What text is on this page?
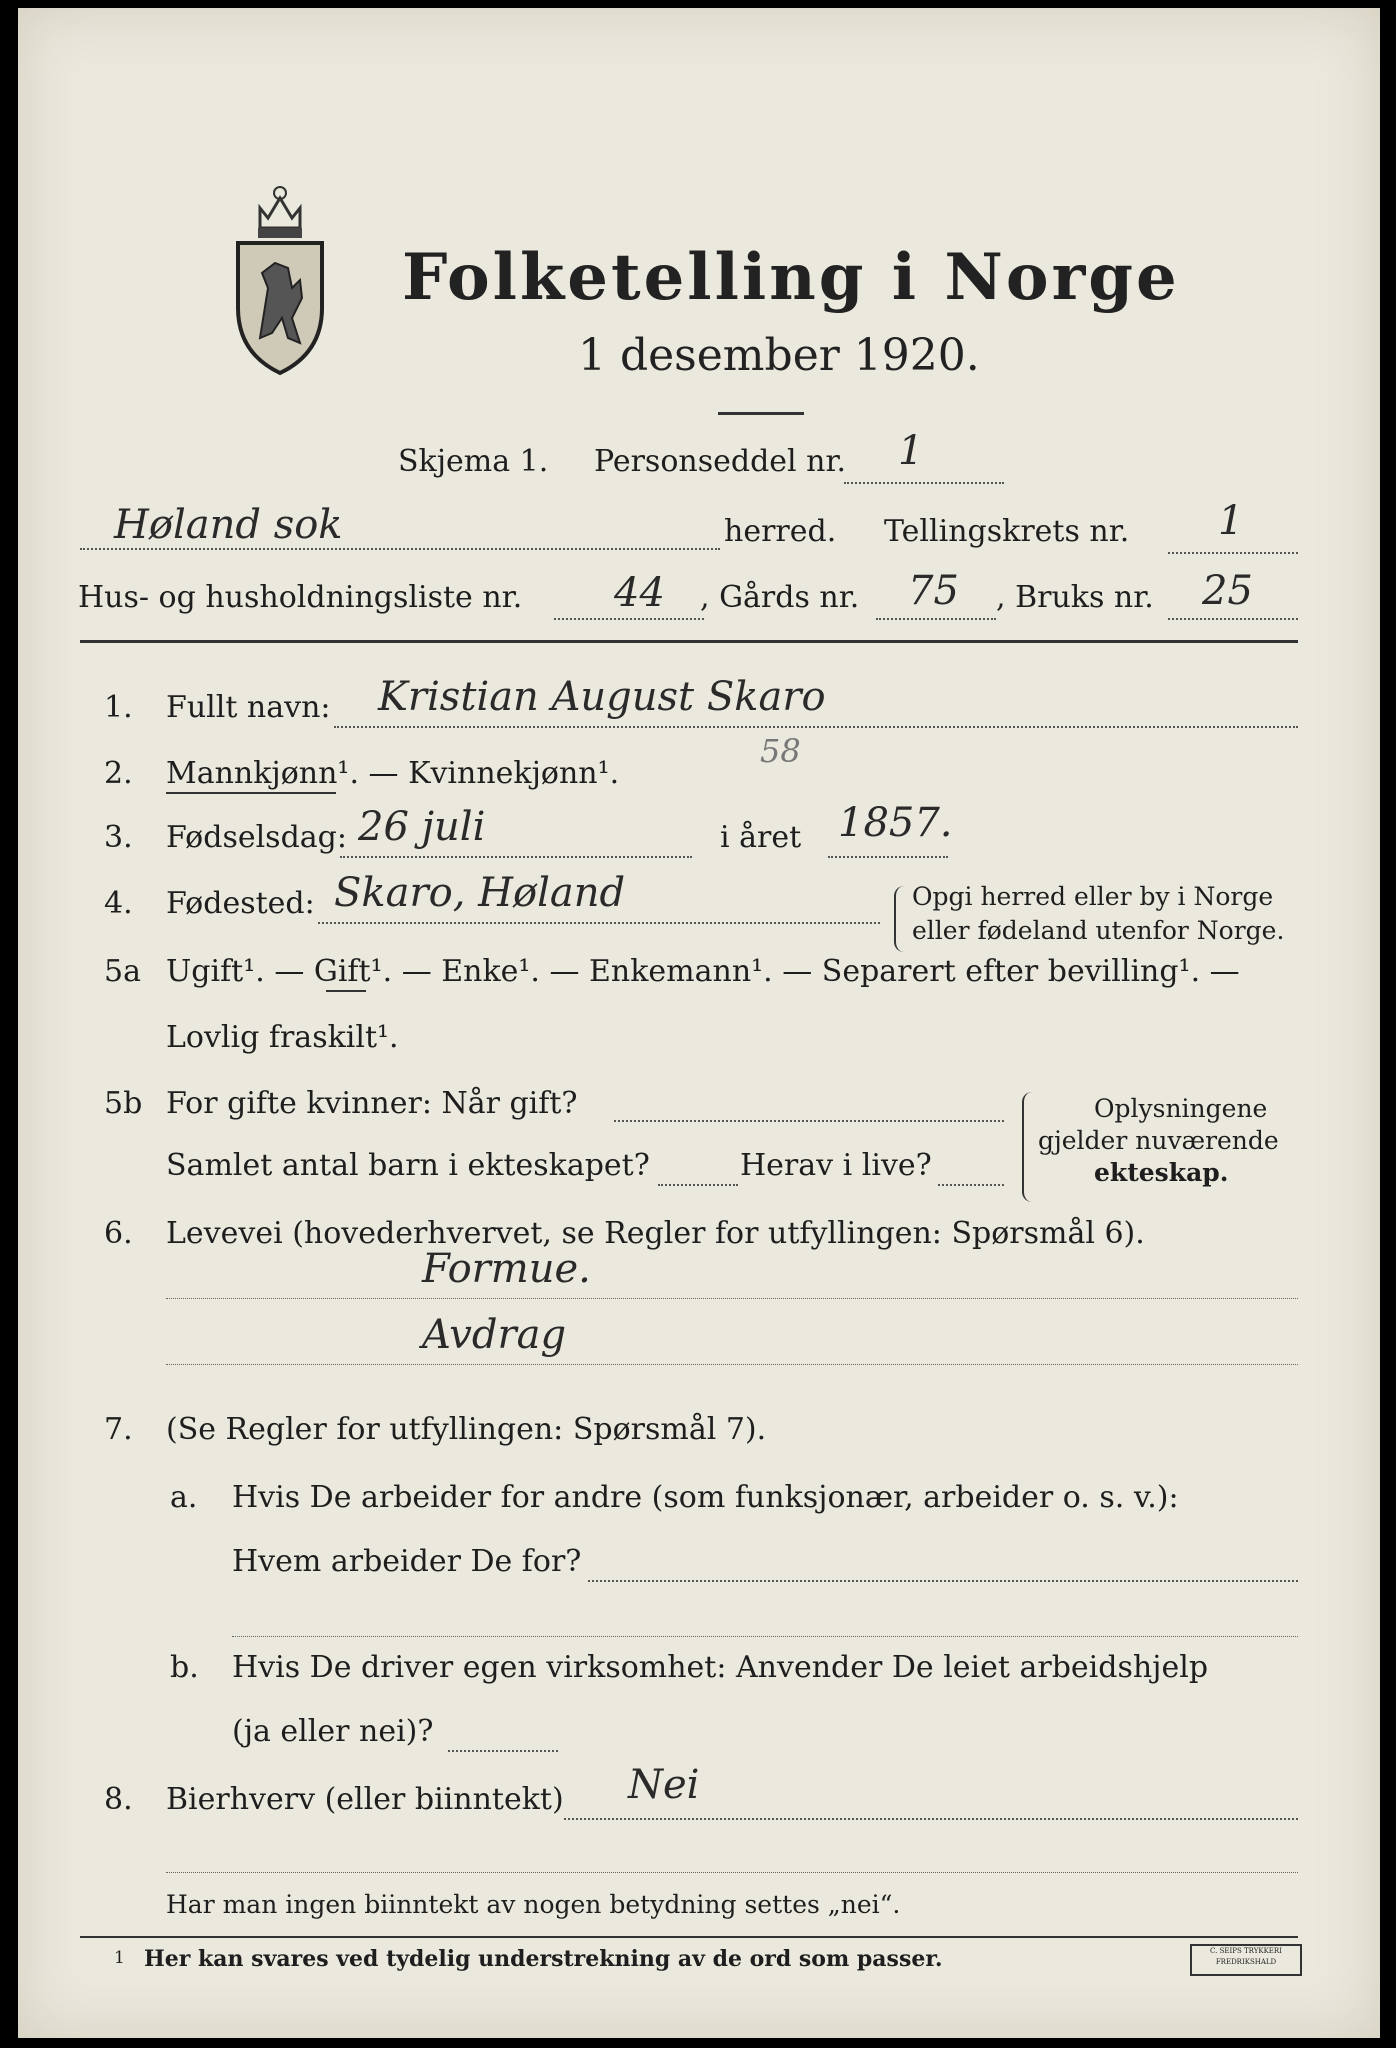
Folketelling i Norge
1 desember 1920.
Skjema 1. Personseddel nr. 1
Høland sok	herred. Tellingskrets nr. 1
Hus- og husholdningsliste nr. 44 , Gårds nr. 75 , Bruks nr. 25
1. Fullt navn: Kristian August Skaro
2. Mannkjønn¹. — Kvinnekjønn¹.
58
3. Fødselsdag: 26 juli	i året 1857.
4. Fødested: Skaro, Høland	Opgi herred eller by i Norge
eller fødeland utenfor Norge.
5a Ugift¹. — Gift¹. — Enke¹. — Enkemann¹. — Separert efter bevilling¹. —
Lovlig fraskilt¹.
5b For gifte kvinner: Når gift?
Samlet antal barn i ekteskapet?	Herav i live?
Oplysningene
gjelder nuværende
ekteskap.
6. Levevei (hovederhvervet, se Regler for utfyllingen: Spørsmål 6).
Formue.
Avdrag
7. (Se Regler for utfyllingen: Spørsmål 7).
a. Hvis De arbeider for andre (som funksjonær, arbeider o. s. v.):
Hvem arbeider De for?
b. Hvis De driver egen virksomhet: Anvender De leiet arbeidshjelp
(ja eller nei)?
8. Bierhverv (eller biinntekt) Nei
Har man ingen biinntekt av nogen betydning settes „nei“.
1 Her kan svares ved tydelig understrekning av de ord som passer.	C. SEIPS TRYKKERI
FREDRIKSHALD
